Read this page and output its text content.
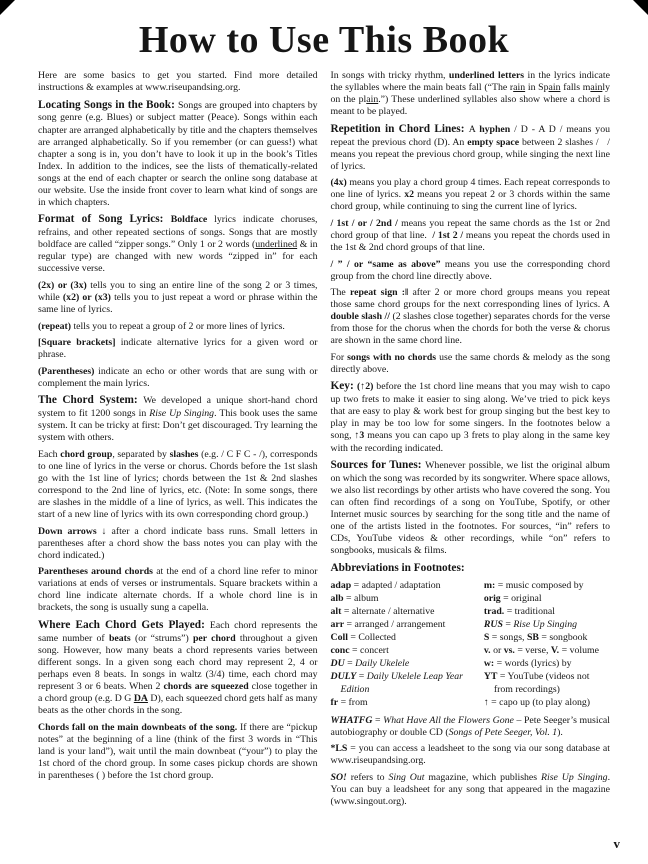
How to Use This Book

Here are some basics to get you started. Find more detailed instructions & examples at www.riseupandsing.org.

Locating Songs in the Book: Songs are grouped into chapters by song genre (e.g. Blues) or subject matter (Peace). Songs within each chapter are arranged alphabetically by title and the chapters themselves are arranged alphabetically. So if you remember (or can guess!) what chapter a song is in, you don’t have to look it up in the book’s Titles Index. In addition to the indices, see the lists of thematically-related songs at the end of each chapter or search the online song database at our website. Use the inside front cover to learn what kind of songs are in which chapters.

Format of Song Lyrics: Boldface lyrics indicate choruses, refrains, and other repeated sections of songs. Songs that are mostly boldface are called “zipper songs.” Only 1 or 2 words (underlined & in regular type) are changed with new words “zipped in” for each successive verse.

(2x) or (3x) tells you to sing an entire line of the song 2 or 3 times, while (x2) or (x3) tells you to just repeat a word or phrase within the same line of lyrics.

(repeat) tells you to repeat a group of 2 or more lines of lyrics.

[Square brackets] indicate alternative lyrics for a given word or phrase.

(Parentheses) indicate an echo or other words that are sung with or complement the main lyrics.

The Chord System: We developed a unique short-hand chord system to fit 1200 songs in Rise Up Singing. This book uses the same system. It can be tricky at first: Don’t get discouraged. Try learning the system with others.

Each chord group, separated by slashes (e.g. / C F C - /), corresponds to one line of lyrics in the verse or chorus. Chords before the 1st slash go with the 1st line of lyrics; chords between the 1st & 2nd slashes correspond to the 2nd line of lyrics, etc. (Note: In some songs, there are slashes in the middle of a line of lyrics, as well. This indicates the start of a new line of lyrics with its own corresponding chord group.)

Down arrows ↓ after a chord indicate bass runs. Small letters in parentheses after a chord show the bass notes you can play with the chord indicated.)

Parentheses around chords at the end of a chord line refer to minor variations at ends of verses or instrumentals. Square brackets within a chord line indicate alternate chords. If a whole chord line is in brackets, the song is usually sung a capella.

Where Each Chord Gets Played: Each chord represents the same number of beats (or “strums”) per chord throughout a given song. However, how many beats a chord represents varies between different songs. In a given song each chord may represent 2, 4 or perhaps even 8 beats. In songs in waltz (3/4) time, each chord may represent 3 or 6 beats. When 2 chords are squeezed close together in a chord group (e.g. D G DA D), each squeezed chord gets half as many beats as the other chords in the song.

Chords fall on the main downbeats of the song. If there are “pickup notes” at the beginning of a line (think of the first 3 words in “This land is your land”), wait until the main downbeat (“your”) to play the 1st chord of the chord group. In some cases pickup chords are shown in parentheses ( ) before the 1st chord group.

In songs with tricky rhythm, underlined letters in the lyrics indicate the syllables where the main beats fall (“The rain in Spain falls mainly on the plain.”) These underlined syllables also show where a chord is meant to be played.

Repetition in Chord Lines: A hyphen / D - A D / means you repeat the previous chord (D). An empty space between 2 slashes /   / means you repeat the previous chord group, while singing the next line of lyrics.

(4x) means you play a chord group 4 times. Each repeat corresponds to one line of lyrics. x2 means you repeat 2 or 3 chords within the same chord group, while continuing to sing the current line of lyrics.

/ 1st / or / 2nd / means you repeat the same chords as the 1st or 2nd chord group of that line.  / 1st 2 / means you repeat the chords used in the 1st & 2nd chord groups of that line.

/ ” / or “same as above” means you use the corresponding chord group from the chord line directly above.

The repeat sign :‖ after 2 or more chord groups means you repeat those same chord groups for the next corresponding lines of lyrics. A double slash // (2 slashes close together) separates chords for the verse from those for the chorus when the chords for both the verse & chorus are shown in the same chord line.

For songs with no chords use the same chords & melody as the song directly above.

Key: (↑2) before the 1st chord line means that you may wish to capo up two frets to make it easier to sing along. We’ve tried to pick keys that are easy to play & work best for group singing but the best key to play in may be too low for some singers. In the footnotes below a song, ↑3 means you can capo up 3 frets to play along in the same key with the recording indicated.

Sources for Tunes: Whenever possible, we list the original album on which the song was recorded by its songwriter. Where space allows, we also list recordings by other artists who have covered the song. You can often find recordings of a song on YouTube, Spotify, or other Internet music sources by searching for the song title and the name of one of the artists listed in the footnotes. For sources, “in” refers to CDs, YouTube videos & other recordings, while “on” refers to songbooks, musicals & films.

Abbreviations in Footnotes:

adap = adapted / adaptation

alb = album

alt = alternate / alternative

arr = arranged / arrangement

Coll = Collected

conc = concert

DU = Daily Ukelele

DULY = Daily Ukelele Leap Year Edition

fr = from

m: = music composed by

orig = original

trad. = traditional

RUS = Rise Up Singing

S = songs, SB = songbook

v. or vs. = verse, V. = volume

w: = words (lyrics) by

YT = YouTube (videos not from recordings)

↑ = capo up (to play along)

WHATFG = What Have All the Flowers Gone – Pete Seeger’s musical autobiography or double CD (Songs of Pete Seeger, Vol. 1).

*LS = you can access a leadsheet to the song via our song database at www.riseupandsing.org.

SO! refers to Sing Out magazine, which publishes Rise Up Singing. You can buy a leadsheet for any song that appeared in the magazine (www.singout.org).

v
